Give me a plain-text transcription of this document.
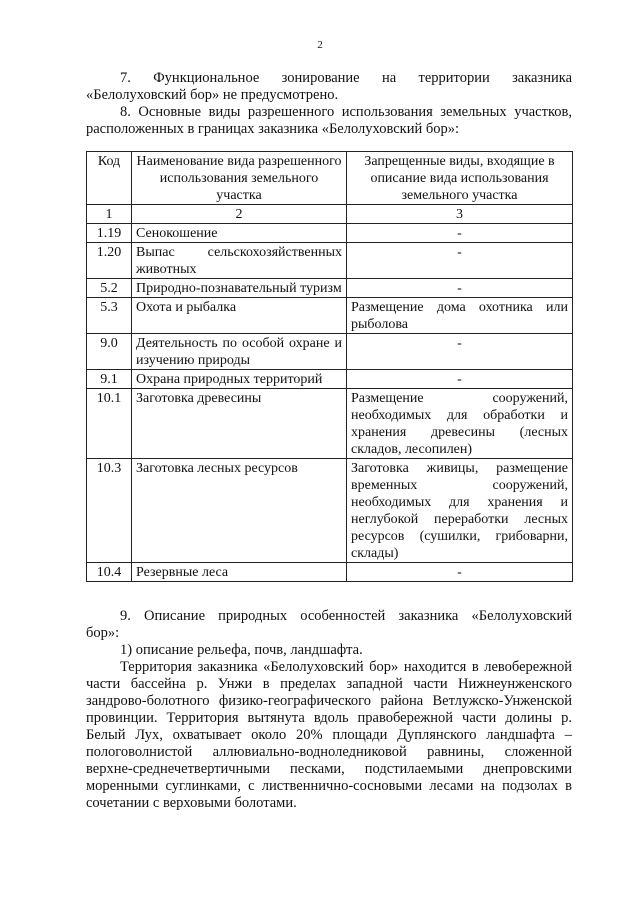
2

7. Функциональное зонирование на территории заказника

«Белолуховский бор» не предусмотрено.

8. Основные виды разрешенного использования земельных участков,

расположенных в границах заказника «Белолуховский бор»:

Код	Наименование вида разрешенного использования земельного участка	Запрещенные виды, входящие в описание вида использования земельного участка
1	2	3
1.19	Сенокошение	-
1.20	Выпас сельскохозяйственных животных	-
5.2	Природно-познавательный туризм	-
5.3	Охота и рыбалка	Размещение дома охотника или рыболова
9.0	Деятельность по особой охране и изучению природы	-
9.1	Охрана природных территорий	-
10.1	Заготовка древесины	Размещение сооружений, необходимых для обработки и хранения древесины (лесных складов, лесопилен)
10.3	Заготовка лесных ресурсов	Заготовка живицы, размещение временных сооружений, необходимых для хранения и неглубокой переработки лесных ресурсов (сушилки, грибоварни, склады)
10.4	Резервные леса	-

9. Описание природных особенностей заказника «Белолуховский

бор»:

1) описание рельефа, почв, ландшафта.

Территория заказника «Белолуховский бор» находится в левобережной части бассейна р. Унжи в пределах западной части Нижнеунженского зандрово-болотного физико-географического района Ветлужско-Унженской провинции. Территория вытянута вдоль правобережной части долины р. Белый Лух, охватывает около 20% площади Дуплянского ландшафта – пологоволнистой аллювиально-водноледниковой равнины, сложенной верхне-среднечетвертичными песками, подстилаемыми днепровскими моренными суглинками, с лиственнично-сосновыми лесами на подзолах в сочетании с верховыми болотами.
